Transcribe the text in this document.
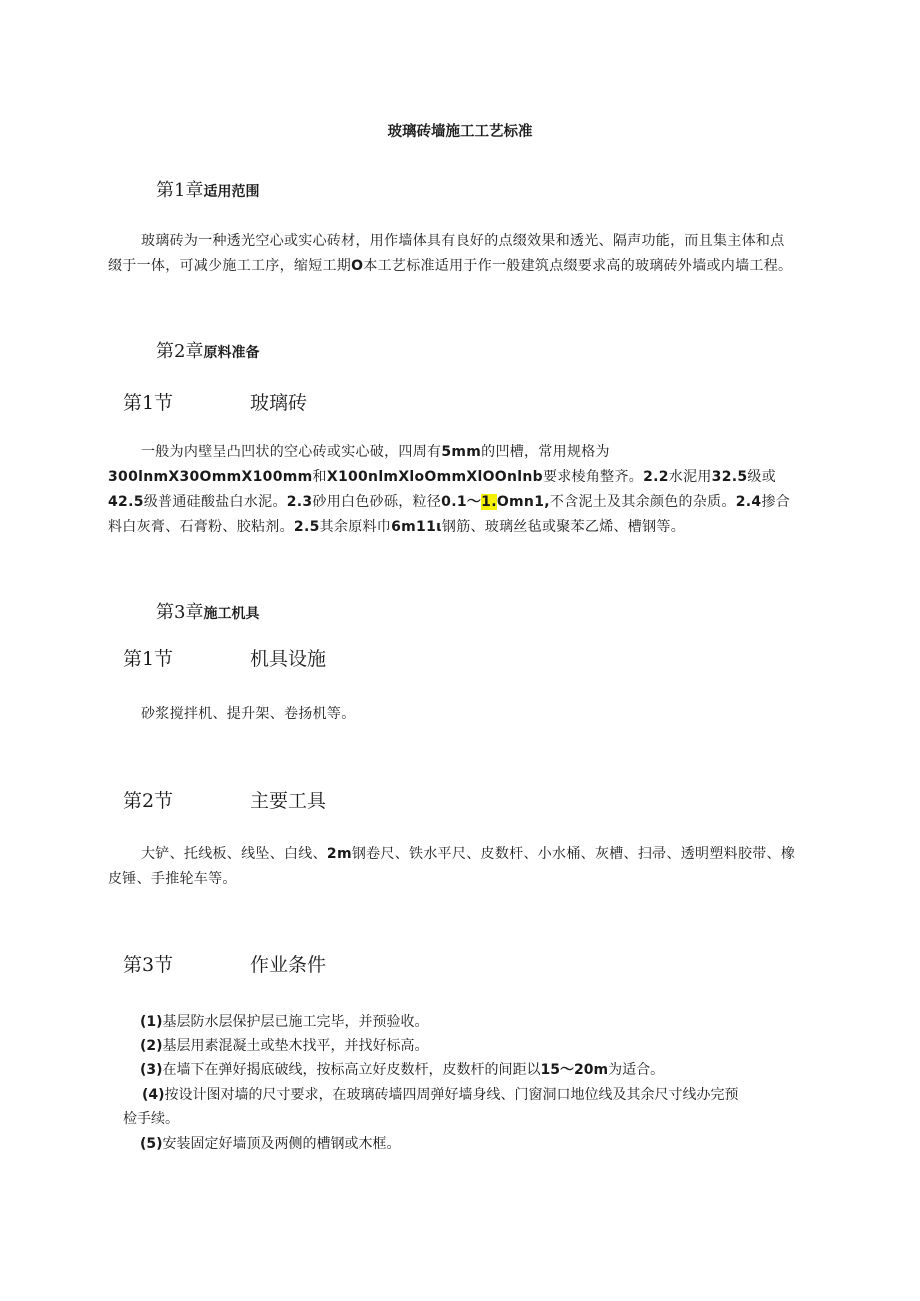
玻璃砖墙施工工艺标准
第1章适用范围

玻璃砖为一种透光空心或实心砖材，用作墙体具有良好的点缀效果和透光、隔声功能，而且集主体和点缀于一体，可减少施工工序，缩短工期O本工艺标准适用于作一般建筑点缀要求高的玻璃砖外墙或内墙工程。

第2章原料准备
第1节	玻璃砖

一般为内壁呈凸凹状的空心砖或实心破，四周有5mm的凹槽，常用规格为300lnmX30OmmX100mm和X100nlmXloOmmXlOOnlnb要求棱角整齐。2.2水泥用32.5级或42.5级普通硅酸盐白水泥。2.3砂用白色砂砾，粒径0.1〜1.Omn1,不含泥土及其余颜色的杂质。2.4掺合料白灰膏、石膏粉、胶粘剂。2.5其余原料巾6m11ι钢筋、玻璃丝毡或聚苯乙烯、槽钢等。

第3章施工机具
第1节	机具设施

砂浆搅拌机、提升架、卷扬机等。

第2节	主要工具

大铲、托线板、线坠、白线、2m钢卷尺、铁水平尺、皮数杆、小水桶、灰槽、扫帚、透明塑料胶带、橡皮锤、手推轮车等。

第3节	作业条件
(1)基层防水层保护层已施工完毕，并预验收。
(2)基层用素混凝土或垫木找平，并找好标高。
(3)在墙下在弹好揭底破线，按标高立好皮数杆，皮数杆的间距以15〜20m为适合。
(4)按设计图对墙的尺寸要求，在玻璃砖墙四周弹好墙身线、门窗洞口地位线及其余尺寸线办完预
检手续。
(5)安装固定好墙顶及两侧的槽钢或木框。
